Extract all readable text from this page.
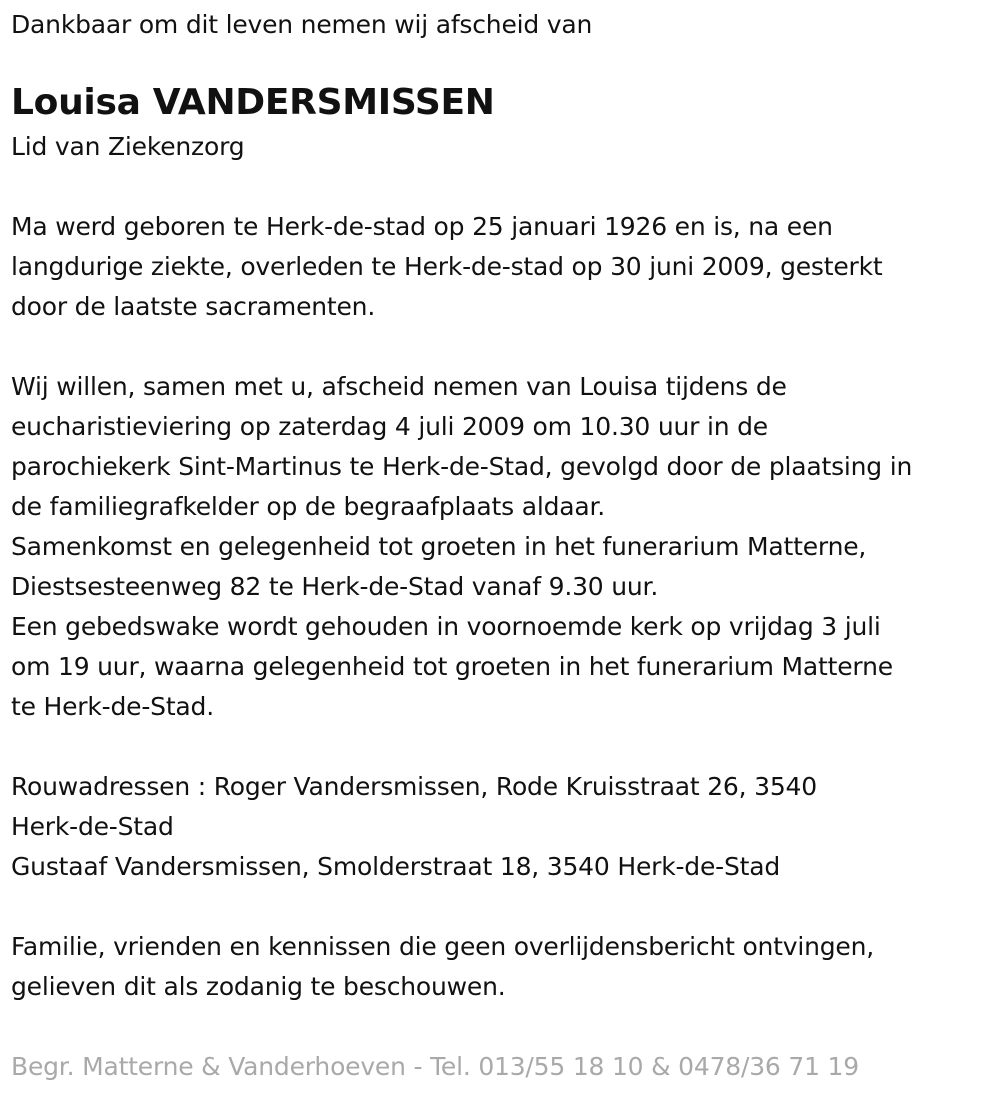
Dankbaar om dit leven nemen wij afscheid van
Louisa VANDERSMISSEN
Lid van Ziekenzorg
Ma werd geboren te Herk-de-stad op 25 januari 1926 en is, na een
langdurige ziekte, overleden te Herk-de-stad op 30 juni 2009, gesterkt
door de laatste sacramenten.
Wij willen, samen met u, afscheid nemen van Louisa tijdens de
eucharistieviering op zaterdag 4 juli 2009 om 10.30 uur in de
parochiekerk Sint-Martinus te Herk-de-Stad, gevolgd door de plaatsing in
de familiegrafkelder op de begraafplaats aldaar.
Samenkomst en gelegenheid tot groeten in het funerarium Matterne,
Diestsesteenweg 82 te Herk-de-Stad vanaf 9.30 uur.
Een gebedswake wordt gehouden in voornoemde kerk op vrijdag 3 juli
om 19 uur, waarna gelegenheid tot groeten in het funerarium Matterne
te Herk-de-Stad.
Rouwadressen : Roger Vandersmissen, Rode Kruisstraat 26, 3540
Herk-de-Stad
Gustaaf Vandersmissen, Smolderstraat 18, 3540 Herk-de-Stad
Familie, vrienden en kennissen die geen overlijdensbericht ontvingen,
gelieven dit als zodanig te beschouwen.
Begr. Matterne & Vanderhoeven - Tel. 013/55 18 10 & 0478/36 71 19
